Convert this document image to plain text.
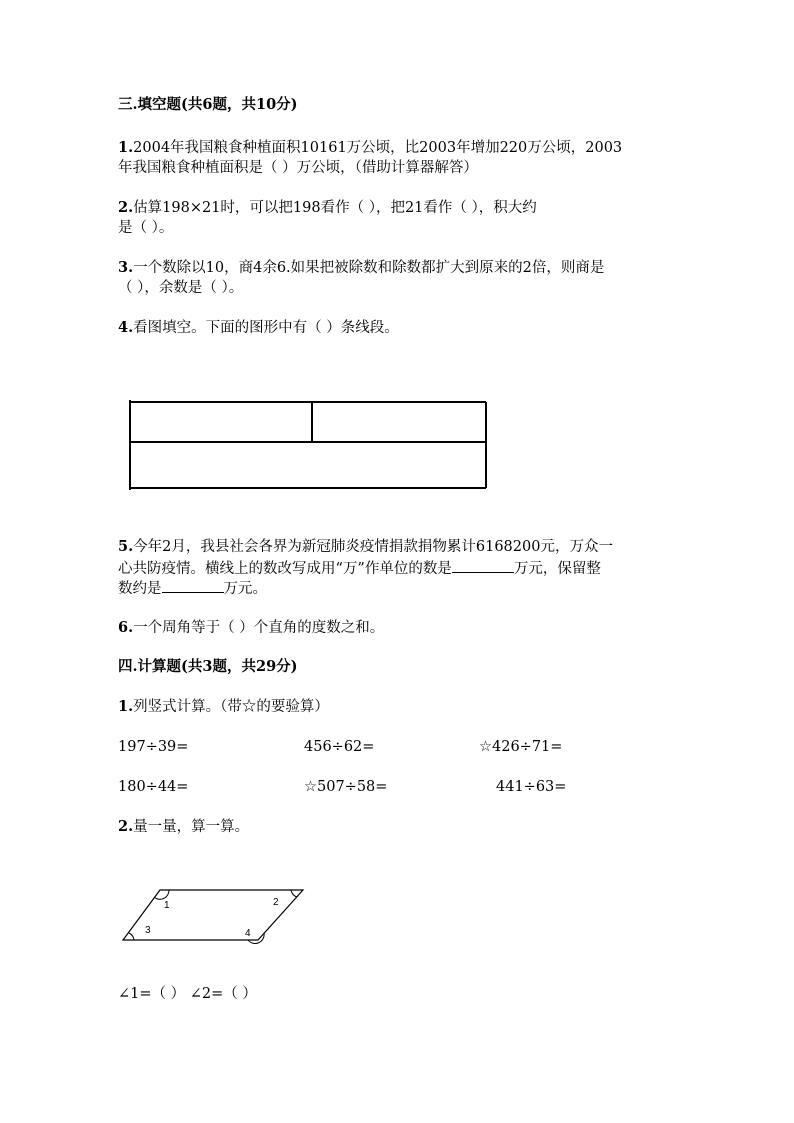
三.填空题(共6题，共10分)
1.2004年我国粮食种植面积10161万公顷，比2003年增加220万公顷，2003
年我国粮食种植面积是（ ）万公顷，（借助计算器解答）
2.估算198×21时，可以把198看作（ ），把21看作（ ），积大约
是（ ）。
3.一个数除以10，商4余6.如果把被除数和除数都扩大到原来的2倍，则商是
（ ），余数是（ ）。
4.看图填空。下面的图形中有（ ）条线段。
5.今年2月，我县社会各界为新冠肺炎疫情捐款捐物累计6168200元，万众一
心共防疫情。横线上的数改写成用“万”作单位的数是	万元，保留整
数约是	万元。
6.一个周角等于（ ）个直角的度数之和。
四.计算题(共3题，共29分)
1.列竖式计算。（带☆的要验算）
197÷39=	456÷62=	☆426÷71=
180÷44=	☆507÷58=	441÷63=
2.量一量，算一算。
1	2
3	4
∠1=（ ） ∠2=（ ）
